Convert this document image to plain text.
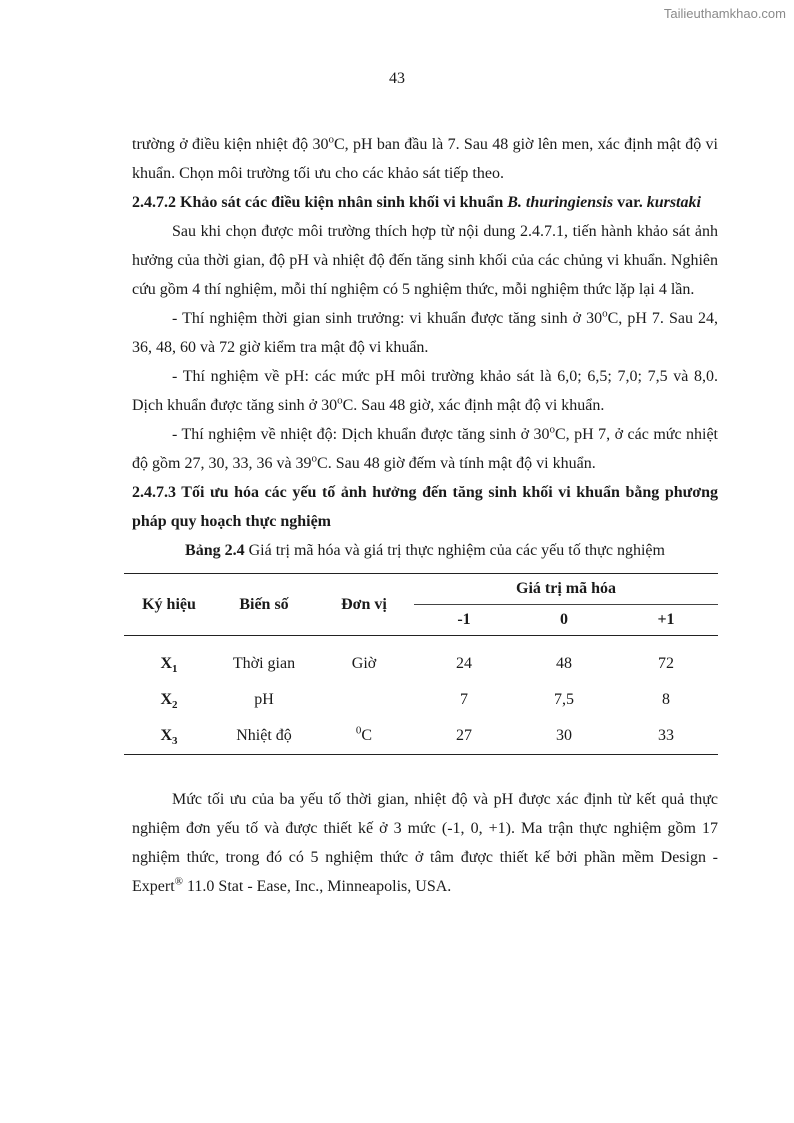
Tailieuthamkhao.com
43

trường ở điều kiện nhiệt độ 30$^o$C, pH ban đầu là 7. Sau 48 giờ lên men, xác định mật độ vi khuẩn. Chọn môi trường tối ưu cho các khảo sát tiếp theo.

2.4.7.2 Khảo sát các điều kiện nhân sinh khối vi khuẩn B. thuringiensis var. kurstaki

Sau khi chọn được môi trường thích hợp từ nội dung 2.4.7.1, tiến hành khảo sát ảnh hưởng của thời gian, độ pH và nhiệt độ đến tăng sinh khối của các chủng vi khuẩn. Nghiên cứu gồm 4 thí nghiệm, mỗi thí nghiệm có 5 nghiệm thức, mỗi nghiệm thức lặp lại 4 lần.

- Thí nghiệm thời gian sinh trưởng: vi khuẩn được tăng sinh ở 30$^o$C, pH 7. Sau 24, 36, 48, 60 và 72 giờ kiểm tra mật độ vi khuẩn.

- Thí nghiệm về pH: các mức pH môi trường khảo sát là 6,0; 6,5; 7,0; 7,5 và 8,0. Dịch khuẩn được tăng sinh ở 30$^o$C. Sau 48 giờ, xác định mật độ vi khuẩn.

- Thí nghiệm về nhiệt độ: Dịch khuẩn được tăng sinh ở 30$^o$C, pH 7, ở các mức nhiệt độ gồm 27, 30, 33, 36 và 39$^o$C. Sau 48 giờ đếm và tính mật độ vi khuẩn.

2.4.7.3 Tối ưu hóa các yếu tố ảnh hưởng đến tăng sinh khối vi khuẩn bằng phương pháp quy hoạch thực nghiệm

Bảng 2.4 Giá trị mã hóa và giá trị thực nghiệm của các yếu tố thực nghiệm

Ký hiệu	Biến số	Đơn vị	Giá trị mã hóa		
			-1	0	+1
$X_1$	Thời gian	Giờ	24	48	72
$X_2$	pH		7	7,5	8
$X_3$	Nhiệt độ	$^0$C	27	30	33

Mức tối ưu của ba yếu tố thời gian, nhiệt độ và pH được xác định từ kết quả thực nghiệm đơn yếu tố và được thiết kế ở 3 mức (-1, 0, +1). Ma trận thực nghiệm gồm 17 nghiệm thức, trong đó có 5 nghiệm thức ở tâm được thiết kế bởi phần mềm Design - Expert® 11.0 Stat - Ease, Inc., Minneapolis, USA.
